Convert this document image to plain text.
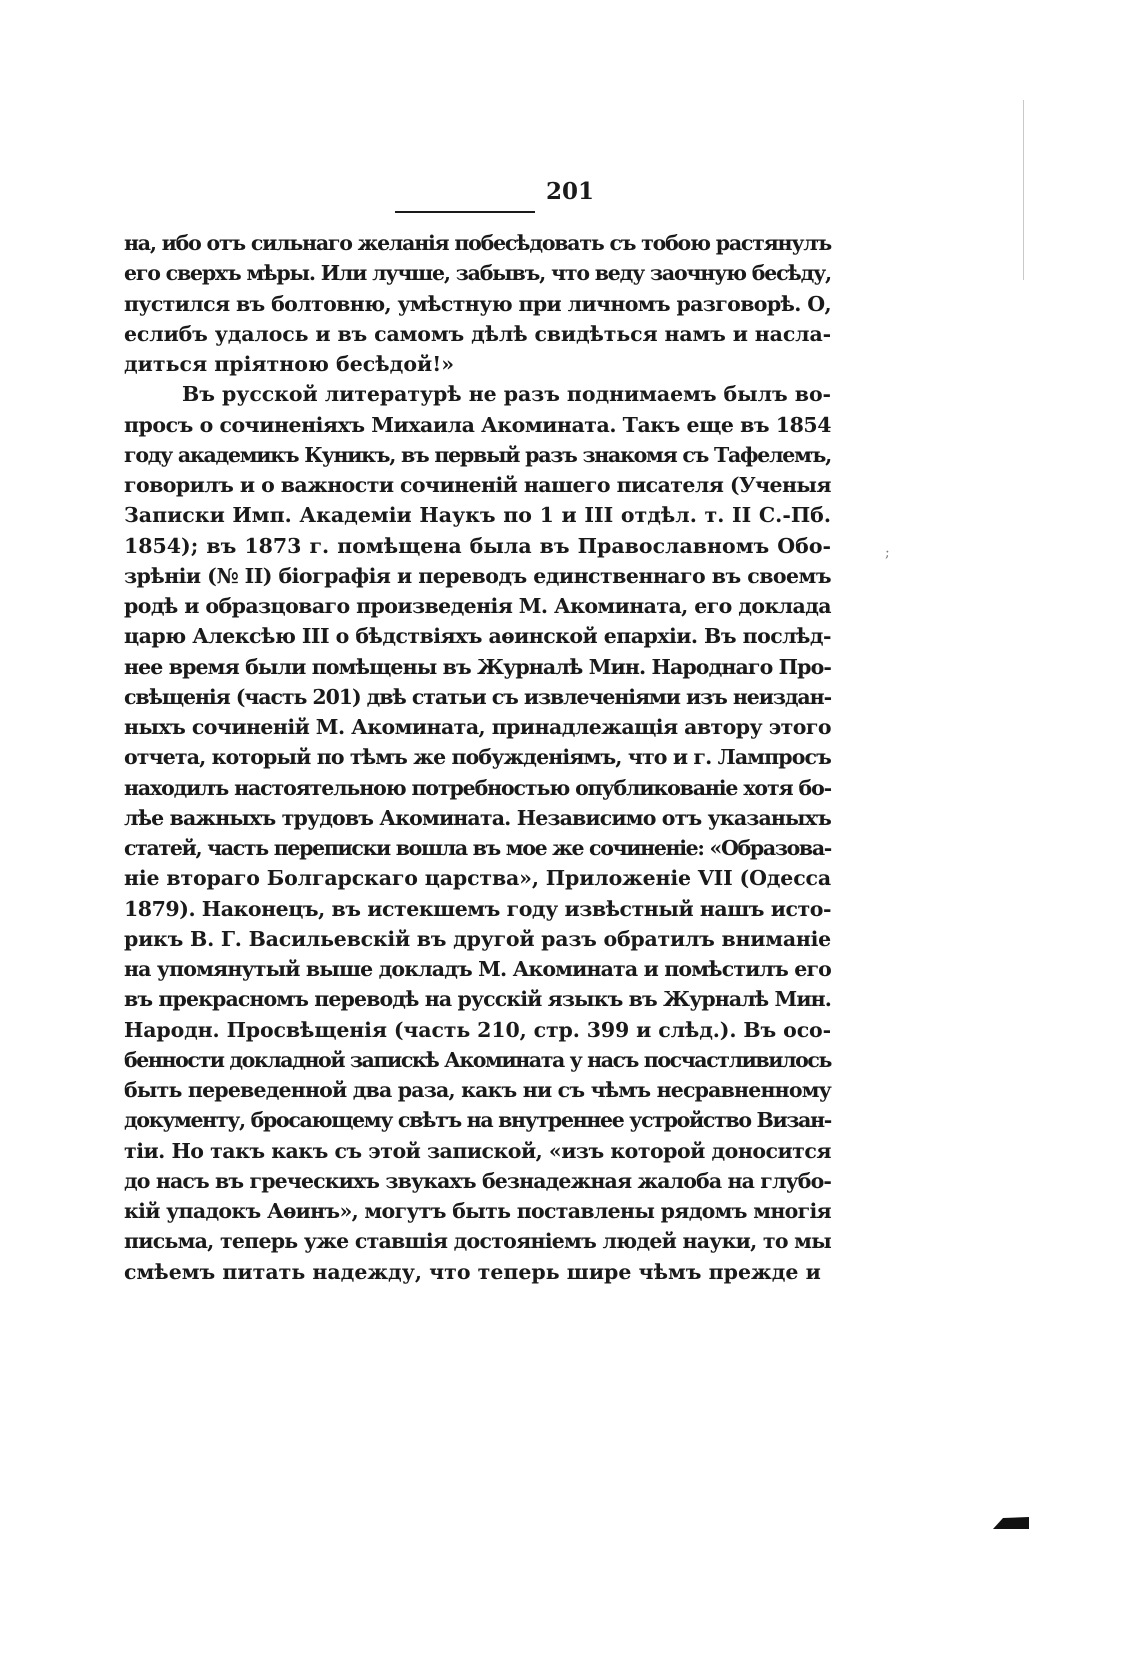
201
на, ибо отъ сильнаго желанія побесѣдовать съ тобою растянулъ
его сверхъ мѣры. Или лучше, забывъ, что веду заочную бесѣду,
пустился въ болтовню, умѣстную при личномъ разговорѣ. О,
еслибъ удалось и въ самомъ дѣлѣ свидѣться намъ и насла-
диться пріятною бесѣдой!»
Въ русской литературѣ не разъ поднимаемъ былъ во-
просъ о сочиненіяхъ Михаила Акомината. Такъ еще въ 1854
году академикъ Куникъ, въ первый разъ знакомя съ Тафелемъ,
говорилъ и о важности сочиненій нашего писателя (Ученыя
Записки Имп. Академіи Наукъ по 1 и III отдѣл. т. II С.-Пб.
1854); въ 1873 г. помѣщена была въ Православномъ Обо-
зрѣніи (№ II) біографія и переводъ единственнаго въ своемъ
родѣ и образцоваго произведенія М. Акомината, его доклада
царю Алексѣю III о бѣдствіяхъ аѳинской епархіи. Въ послѣд-
нее время были помѣщены въ Журналѣ Мин. Народнаго Про-
свѣщенія (часть 201) двѣ статьи съ извлеченіями изъ неиздан-
ныхъ сочиненій М. Акомината, принадлежащія автору этого
отчета, который по тѣмъ же побужденіямъ, что и г. Лампросъ
находилъ настоятельною потребностью опубликованіе хотя бо-
лѣе важныхъ трудовъ Акомината. Независимо отъ указаныхъ
статей, часть переписки вошла въ мое же сочиненіе: «Образова-
ніе втораго Болгарскаго царства», Приложеніе VII (Одесса
1879). Наконецъ, въ истекшемъ году извѣстный нашъ исто-
рикъ В. Г. Васильевскій въ другой разъ обратилъ вниманіе
на упомянутый выше докладъ М. Акомината и помѣстилъ его
въ прекрасномъ переводѣ на русскій языкъ въ Журналѣ Мин.
Народн. Просвѣщенія (часть 210, стр. 399 и слѣд.). Въ осо-
бенности докладной запискѣ Акомината у насъ посчастливилось
быть переведенной два раза, какъ ни съ чѣмъ несравненному
документу, бросающему свѣтъ на внутреннее устройство Визан-
тіи. Но такъ какъ съ этой запиской, «изъ которой доносится
до насъ въ греческихъ звукахъ безнадежная жалоба на глубо-
кій упадокъ Аѳинъ», могутъ быть поставлены рядомъ многія
письма, теперь уже ставшія достояніемъ людей науки, то мы
смѣемъ питать надежду, что теперь шире чѣмъ прежде и
;
